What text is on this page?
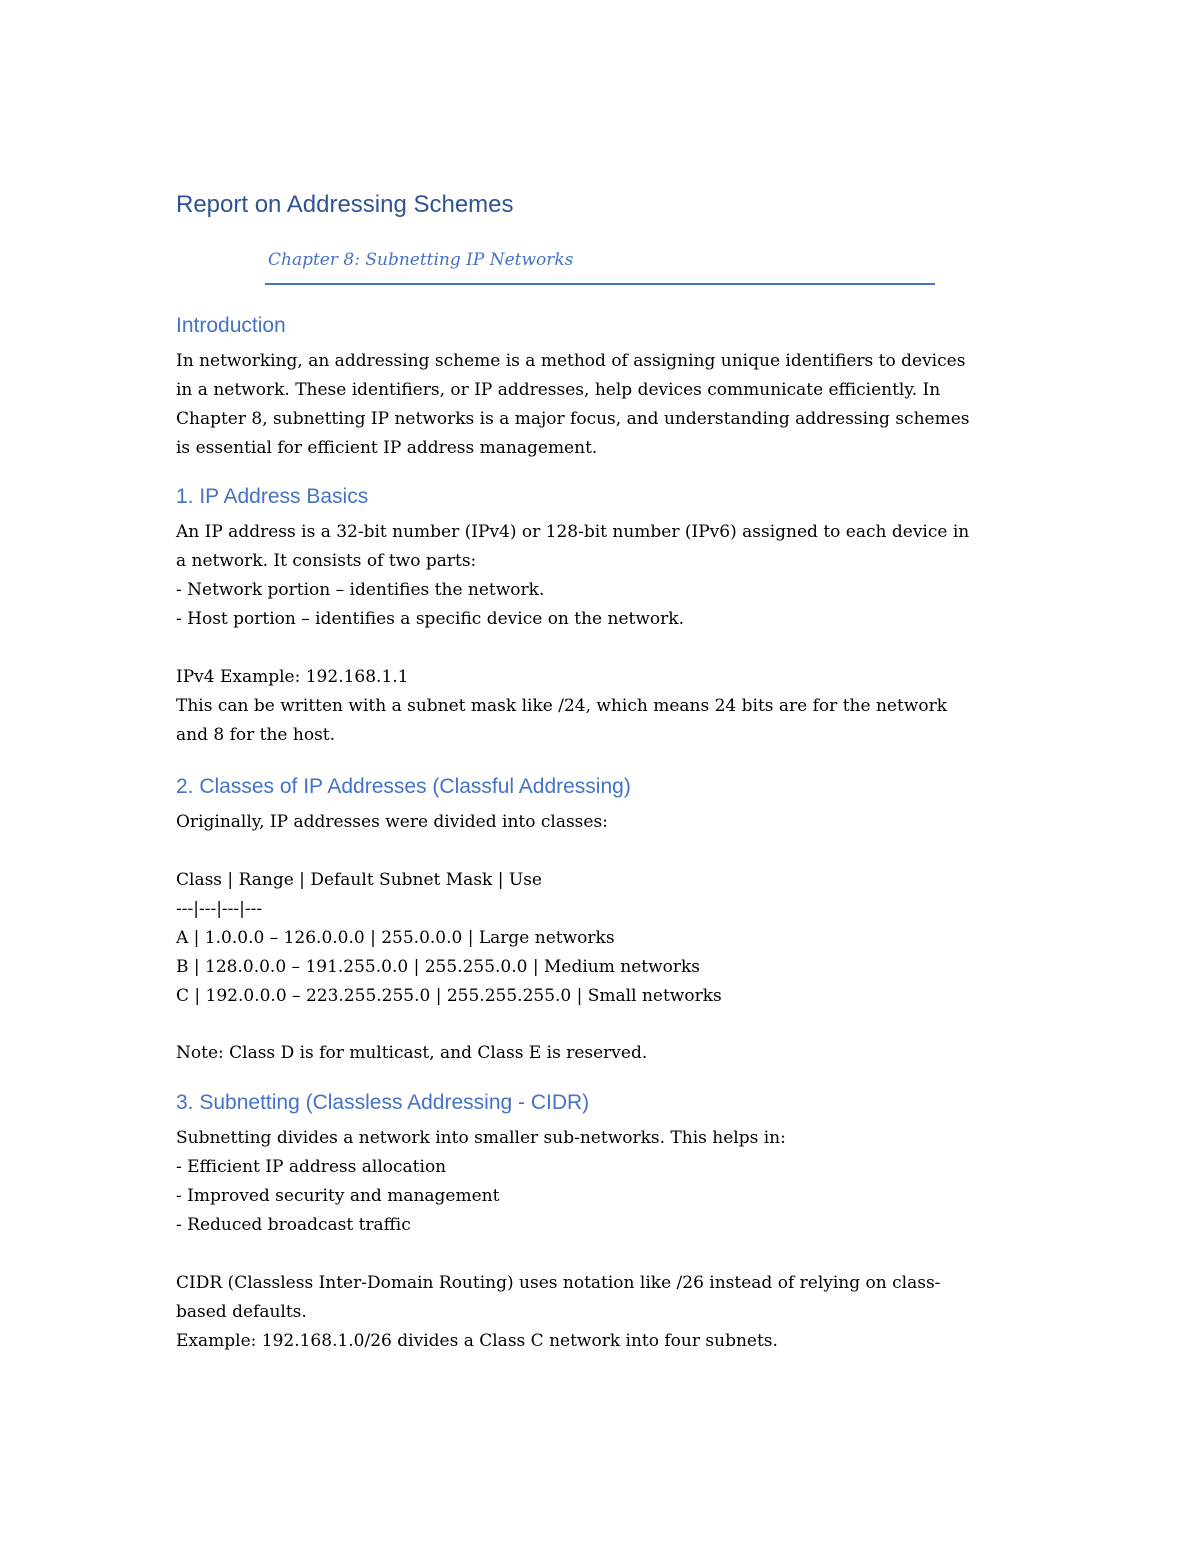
Report on Addressing Schemes
Chapter 8: Subnetting IP Networks
Introduction
In networking, an addressing scheme is a method of assigning unique identifiers to devices
in a network. These identifiers, or IP addresses, help devices communicate efficiently. In
Chapter 8, subnetting IP networks is a major focus, and understanding addressing schemes
is essential for efficient IP address management.
1. IP Address Basics
An IP address is a 32-bit number (IPv4) or 128-bit number (IPv6) assigned to each device in
a network. It consists of two parts:
- Network portion – identifies the network.
- Host portion – identifies a specific device on the network.
IPv4 Example: 192.168.1.1
This can be written with a subnet mask like /24, which means 24 bits are for the network
and 8 for the host.
2. Classes of IP Addresses (Classful Addressing)
Originally, IP addresses were divided into classes:
Class | Range | Default Subnet Mask | Use
---|---|---|---
A | 1.0.0.0 – 126.0.0.0 | 255.0.0.0 | Large networks
B | 128.0.0.0 – 191.255.0.0 | 255.255.0.0 | Medium networks
C | 192.0.0.0 – 223.255.255.0 | 255.255.255.0 | Small networks
Note: Class D is for multicast, and Class E is reserved.
3. Subnetting (Classless Addressing - CIDR)
Subnetting divides a network into smaller sub-networks. This helps in:
- Efficient IP address allocation
- Improved security and management
- Reduced broadcast traffic
CIDR (Classless Inter-Domain Routing) uses notation like /26 instead of relying on class-
based defaults.
Example: 192.168.1.0/26 divides a Class C network into four subnets.
